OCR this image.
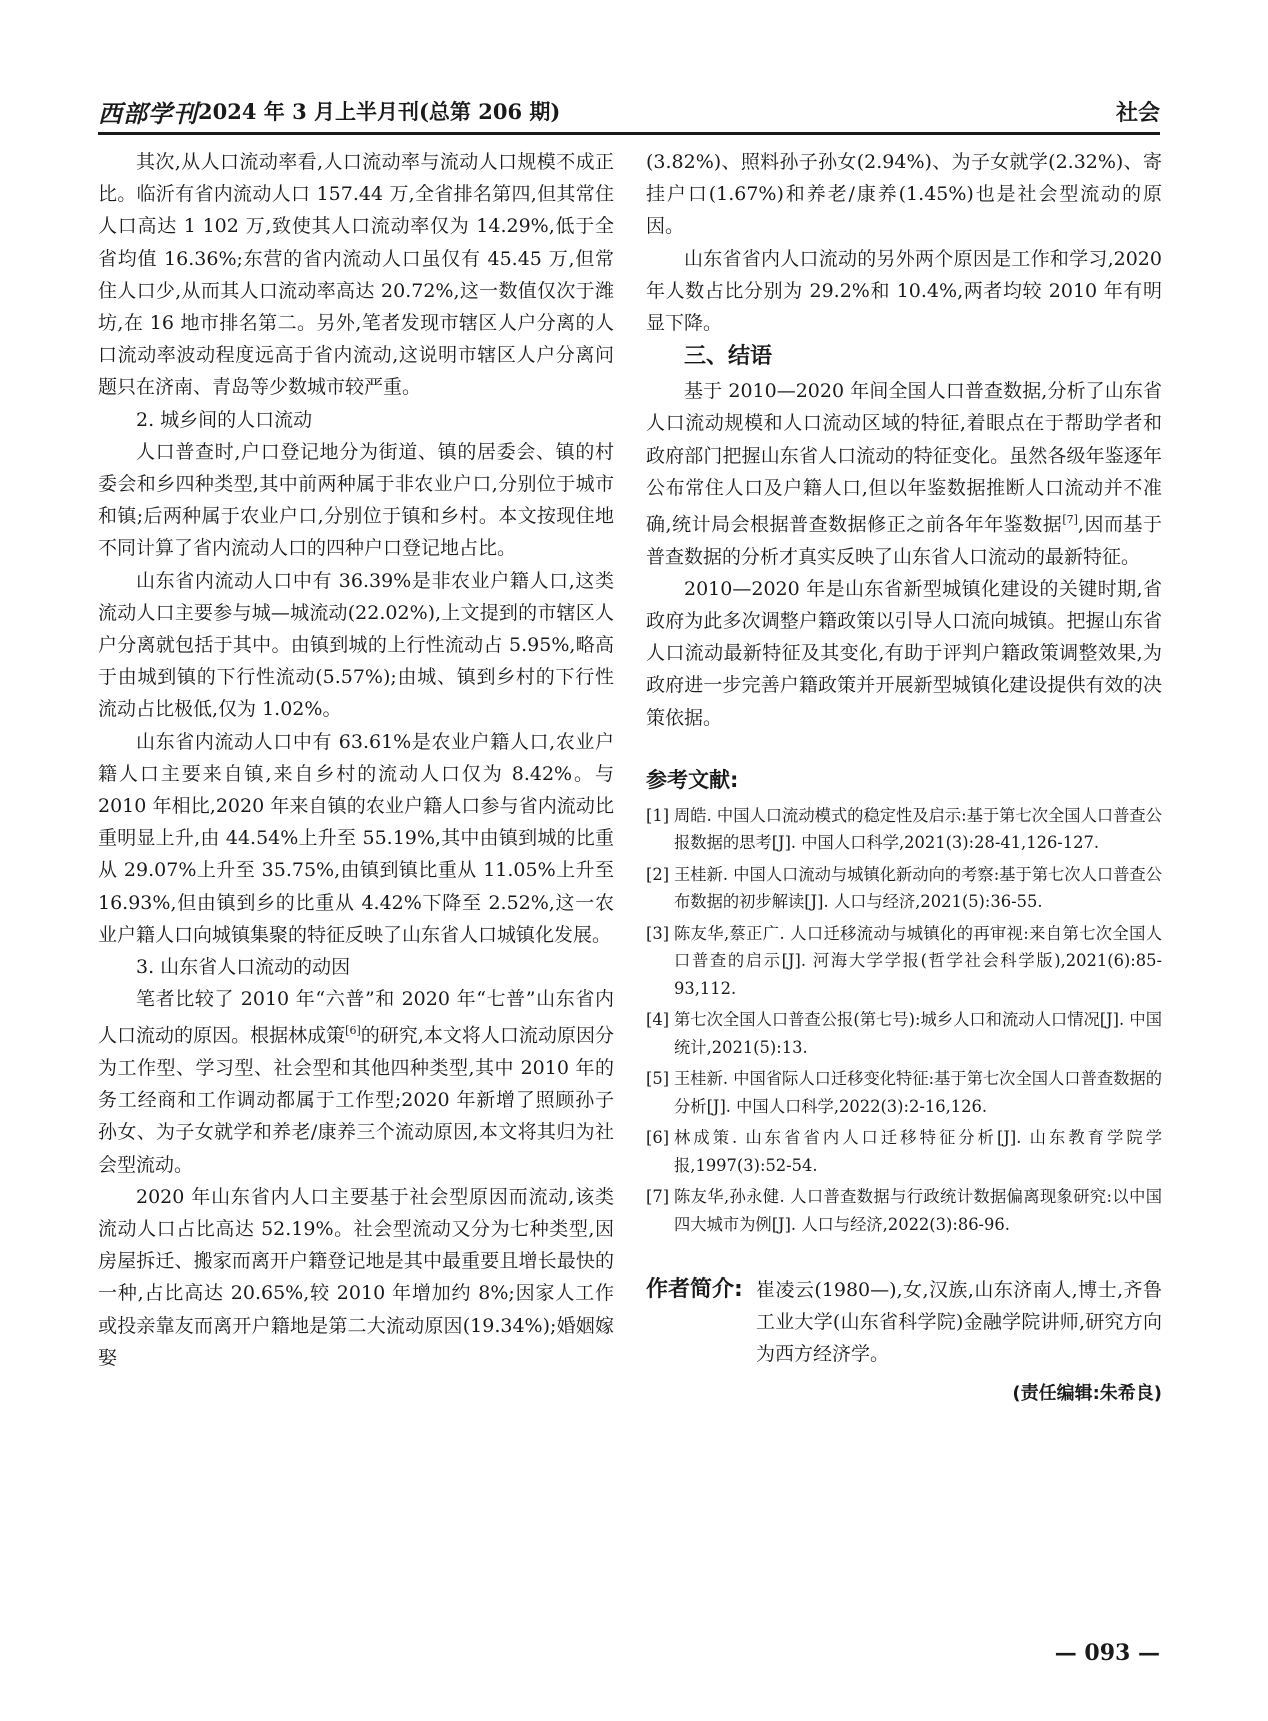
西部学刊 2024 年 3 月上半月刊(总第 206 期)	社会

其次,从人口流动率看,人口流动率与流动人口规模不成正比。临沂有省内流动人口 157.44 万,全省排名第四,但其常住人口高达 1 102 万,致使其人口流动率仅为 14.29%,低于全省均值 16.36%;东营的省内流动人口虽仅有 45.45 万,但常住人口少,从而其人口流动率高达 20.72%,这一数值仅次于潍坊,在 16 地市排名第二。另外,笔者发现市辖区人户分离的人口流动率波动程度远高于省内流动,这说明市辖区人户分离问题只在济南、青岛等少数城市较严重。

2. 城乡间的人口流动

人口普查时,户口登记地分为街道、镇的居委会、镇的村委会和乡四种类型,其中前两种属于非农业户口,分别位于城市和镇;后两种属于农业户口,分别位于镇和乡村。本文按现住地不同计算了省内流动人口的四种户口登记地占比。

山东省内流动人口中有 36.39%是非农业户籍人口,这类流动人口主要参与城—城流动(22.02%),上文提到的市辖区人户分离就包括于其中。由镇到城的上行性流动占 5.95%,略高于由城到镇的下行性流动(5.57%);由城、镇到乡村的下行性流动占比极低,仅为 1.02%。

山东省内流动人口中有 63.61%是农业户籍人口,农业户籍人口主要来自镇,来自乡村的流动人口仅为 8.42%。与 2010 年相比,2020 年来自镇的农业户籍人口参与省内流动比重明显上升,由 44.54%上升至 55.19%,其中由镇到城的比重从 29.07%上升至 35.75%,由镇到镇比重从 11.05%上升至 16.93%,但由镇到乡的比重从 4.42%下降至 2.52%,这一农业户籍人口向城镇集聚的特征反映了山东省人口城镇化发展。

3. 山东省人口流动的动因

笔者比较了 2010 年“六普”和 2020 年“七普”山东省内人口流动的原因。根据林成策[6]的研究,本文将人口流动原因分为工作型、学习型、社会型和其他四种类型,其中 2010 年的务工经商和工作调动都属于工作型;2020 年新增了照顾孙子孙女、为子女就学和养老/康养三个流动原因,本文将其归为社会型流动。

2020 年山东省内人口主要基于社会型原因而流动,该类流动人口占比高达 52.19%。社会型流动又分为七种类型,因房屋拆迁、搬家而离开户籍登记地是其中最重要且增长最快的一种,占比高达 20.65%,较 2010 年增加约 8%;因家人工作或投亲靠友而离开户籍地是第二大流动原因(19.34%);婚姻嫁娶

(3.82%)、照料孙子孙女(2.94%)、为子女就学(2.32%)、寄挂户口(1.67%)和养老/康养(1.45%)也是社会型流动的原因。

山东省省内人口流动的另外两个原因是工作和学习,2020 年人数占比分别为 29.2%和 10.4%,两者均较 2010 年有明显下降。

三、结语

基于 2010—2020 年间全国人口普查数据,分析了山东省人口流动规模和人口流动区域的特征,着眼点在于帮助学者和政府部门把握山东省人口流动的特征变化。虽然各级年鉴逐年公布常住人口及户籍人口,但以年鉴数据推断人口流动并不准确,统计局会根据普查数据修正之前各年年鉴数据[7],因而基于普查数据的分析才真实反映了山东省人口流动的最新特征。

2010—2020 年是山东省新型城镇化建设的关键时期,省政府为此多次调整户籍政策以引导人口流向城镇。把握山东省人口流动最新特征及其变化,有助于评判户籍政策调整效果,为政府进一步完善户籍政策并开展新型城镇化建设提供有效的决策依据。

参考文献:
[1] 周皓. 中国人口流动模式的稳定性及启示:基于第七次全国人口普查公报数据的思考[J]. 中国人口科学,2021(3):28-41,126-127.
[2] 王桂新. 中国人口流动与城镇化新动向的考察:基于第七次人口普查公布数据的初步解读[J]. 人口与经济,2021(5):36-55.
[3] 陈友华,蔡正广. 人口迁移流动与城镇化的再审视:来自第七次全国人口普查的启示[J]. 河海大学学报(哲学社会科学版),2021(6):85-93,112.
[4] 第七次全国人口普查公报(第七号):城乡人口和流动人口情况[J]. 中国统计,2021(5):13.
[5] 王桂新. 中国省际人口迁移变化特征:基于第七次全国人口普查数据的分析[J]. 中国人口科学,2022(3):2-16,126.
[6] 林成策. 山东省省内人口迁移特征分析[J]. 山东教育学院学报,1997(3):52-54.
[7] 陈友华,孙永健. 人口普查数据与行政统计数据偏离现象研究:以中国四大城市为例[J]. 人口与经济,2022(3):86-96.
作者简介: 崔凌云(1980—),女,汉族,山东济南人,博士,齐鲁工业大学(山东省科学院)金融学院讲师,研究方向为西方经济学。
(责任编辑:朱希良)
— 093 —
